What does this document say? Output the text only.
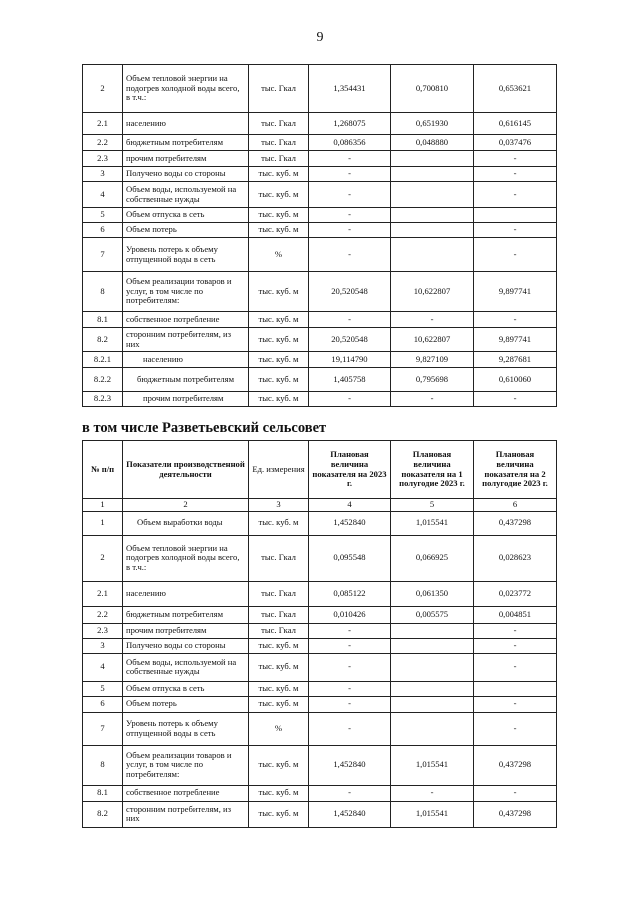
9
2	Объем тепловой энергии на подогрев холодной воды всего, в т.ч.:	тыс. Гкал	1,354431	0,700810	0,653621
2.1	населению	тыс. Гкал	1,268075	0,651930	0,616145
2.2	бюджетным потребителям	тыс. Гкал	0,086356	0,048880	0,037476
2.3	прочим потребителям	тыс. Гкал	-		-
3	Получено воды со стороны	тыс. куб. м	-		-
4	Объем воды, используемой на собственные нужды	тыс. куб. м	-		-
5	Объем отпуска в сеть	тыс. куб. м	-		
6	Объем потерь	тыс. куб. м	-		-
7	Уровень потерь к объему отпущенной воды в сеть	%	-		-
8	Объем реализации товаров и услуг, в том числе по потребителям:	тыс. куб. м	20,520548	10,622807	9,897741
8.1	собственное потребление	тыс. куб. м	-	-	-
8.2	сторонним потребителям, из них	тыс. куб. м	20,520548	10,622807	9,897741
8.2.1	населению	тыс. куб. м	19,114790	9,827109	9,287681
8.2.2	бюджетным потребителям	тыс. куб. м	1,405758	0,795698	0,610060
8.2.3	прочим потребителям	тыс. куб. м	-	-	-
в том числе Разветьевский сельсовет
№ п/п	Показатели производственной деятельности	Ед. измерения	Плановая величина показателя на 2023 г.	Плановая величина показателя на 1 полугодие 2023 г.	Плановая величина показателя на 2 полугодие 2023 г.
1	2	3	4	5	6
1	Объем выработки воды	тыс. куб. м	1,452840	1,015541	0,437298
2	Объем тепловой энергии на подогрев холодной воды всего, в т.ч.:	тыс. Гкал	0,095548	0,066925	0,028623
2.1	населению	тыс. Гкал	0,085122	0,061350	0,023772
2.2	бюджетным потребителям	тыс. Гкал	0,010426	0,005575	0,004851
2.3	прочим потребителям	тыс. Гкал	-		-
3	Получено воды со стороны	тыс. куб. м	-		-
4	Объем воды, используемой на собственные нужды	тыс. куб. м	-		-
5	Объем отпуска в сеть	тыс. куб. м	-		
6	Объем потерь	тыс. куб. м	-		-
7	Уровень потерь к объему отпущенной воды в сеть	%	-		-
8	Объем реализации товаров и услуг, в том числе по потребителям:	тыс. куб. м	1,452840	1,015541	0,437298
8.1	собственное потребление	тыс. куб. м	-	-	-
8.2	сторонним потребителям, из них	тыс. куб. м	1,452840	1,015541	0,437298
